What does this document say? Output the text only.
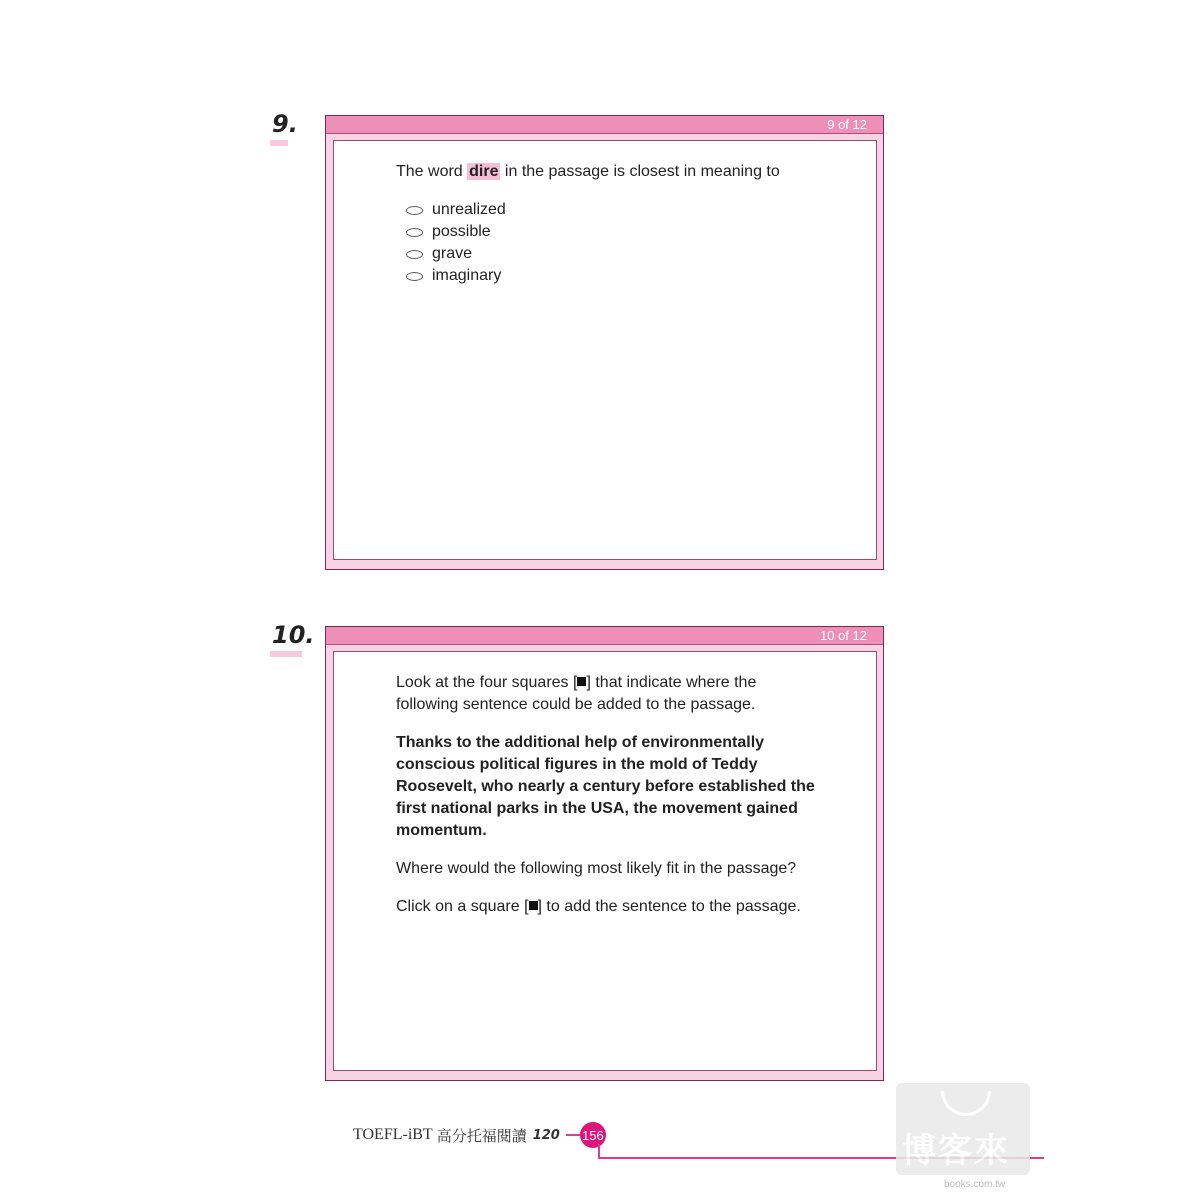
9.	9 of 12
The word dire in the passage is closest in meaning to
unrealized
possible
grave
imaginary
10.	10 of 12

Look at the four squares [ ] that indicate where the following sentence could be added to the passage.

Thanks to the additional help of environmentally conscious political figures in the mold of Teddy Roosevelt, who nearly a century before established the first national parks in the USA, the movement gained momentum.

Where would the following most likely fit in the passage?

Click on a square [ ] to add the sentence to the passage.

TOEFL-iBT 高分托福閱讀 120 156	博客來
books.com.tw
